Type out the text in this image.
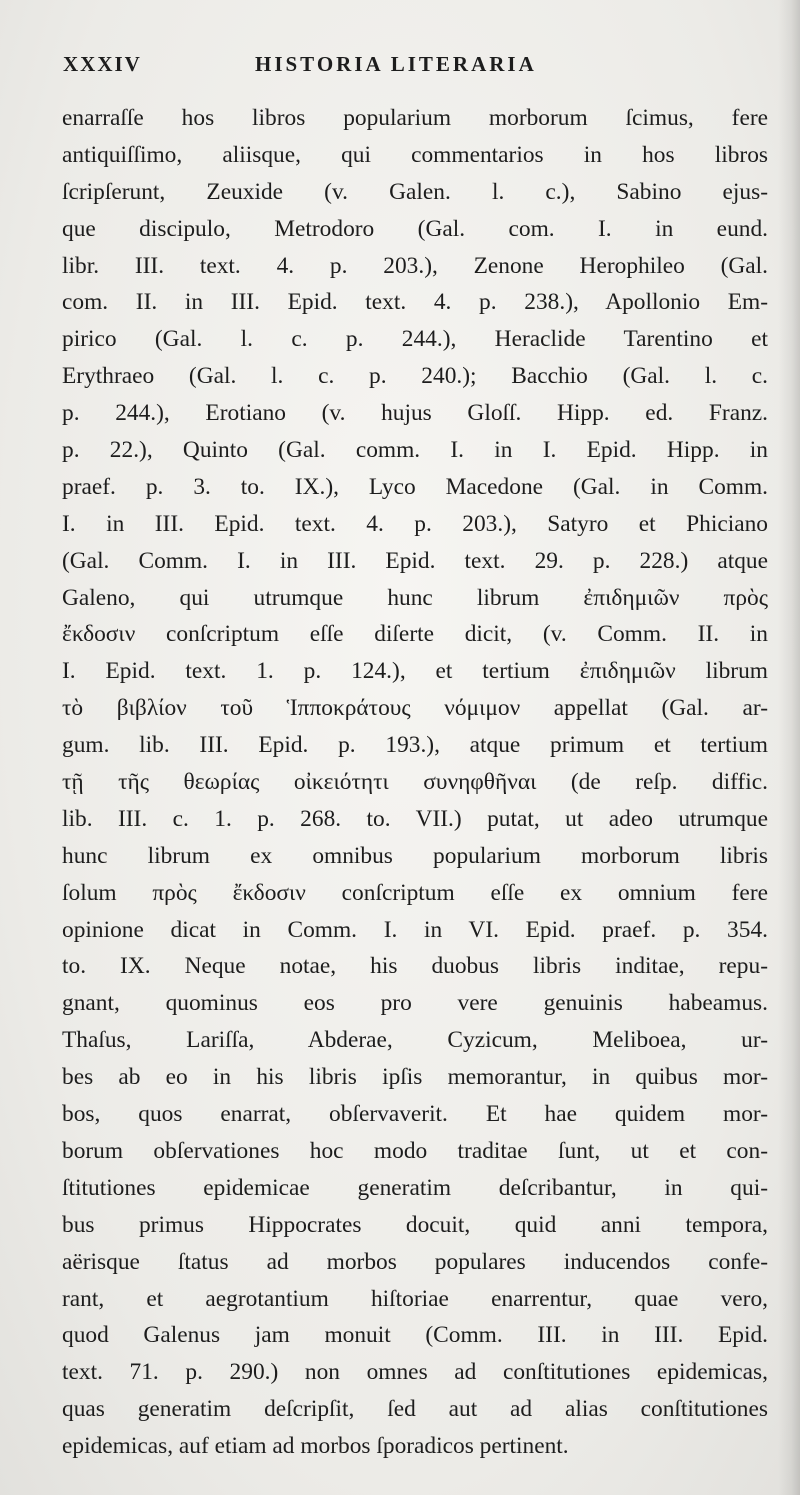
XXXIV	HISTORIA LITERARIA
enarraſſe hos libros popularium morborum ſcimus, fere
antiquiſſimo, aliisque, qui commentarios in hos libros
ſcripſerunt, Zeuxide (v. Galen. l. c.), Sabino ejus-
que discipulo, Metrodoro (Gal. com. I. in eund.
libr. III. text. 4. p. 203.), Zenone Herophileo (Gal.
com. II. in III. Epid. text. 4. p. 238.), Apollonio Em-
pirico (Gal. l. c. p. 244.), Heraclide Tarentino et
Erythraeo (Gal. l. c. p. 240.); Bacchio (Gal. l. c.
p. 244.), Erotiano (v. hujus Gloſſ. Hipp. ed. Franz.
p. 22.), Quinto (Gal. comm. I. in I. Epid. Hipp. in
praef. p. 3. to. IX.), Lyco Macedone (Gal. in Comm.
I. in III. Epid. text. 4. p. 203.), Satyro et Phiciano
(Gal. Comm. I. in III. Epid. text. 29. p. 228.) atque
Galeno, qui utrumque hunc librum ἐπιδημιῶν πρὸς
ἔκδοσιν conſcriptum eſſe diſerte dicit, (v. Comm. II. in
I. Epid. text. 1. p. 124.), et tertium ἐπιδημιῶν librum
τὸ βιβλίον τοῦ Ἱπποκράτους νόμιμον appellat (Gal. ar-
gum. lib. III. Epid. p. 193.), atque primum et tertium
τῇ τῆς θεωρίας οἰκειότητι συνηφθῆναι (de reſp. diffic.
lib. III. c. 1. p. 268. to. VII.) putat, ut adeo utrumque
hunc librum ex omnibus popularium morborum libris
ſolum πρὸς ἔκδοσιν conſcriptum eſſe ex omnium fere
opinione dicat in Comm. I. in VI. Epid. praef. p. 354.
to. IX. Neque notae, his duobus libris inditae, repu-
gnant, quominus eos pro vere genuinis habeamus.
Thaſus, Lariſſa, Abderae, Cyzicum, Meliboea, ur-
bes ab eo in his libris ipſis memorantur, in quibus mor-
bos, quos enarrat, obſervaverit. Et hae quidem mor-
borum obſervationes hoc modo traditae ſunt, ut et con-
ſtitutiones epidemicae generatim deſcribantur, in qui-
bus primus Hippocrates docuit, quid anni tempora,
aërisque ſtatus ad morbos populares inducendos confe-
rant, et aegrotantium hiſtoriae enarrentur, quae vero,
quod Galenus jam monuit (Comm. III. in III. Epid.
text. 71. p. 290.) non omnes ad conſtitutiones epidemicas,
quas generatim deſcripſit, ſed aut ad alias conſtitutiones
epidemicas, auf etiam ad morbos ſporadicos pertinent.
